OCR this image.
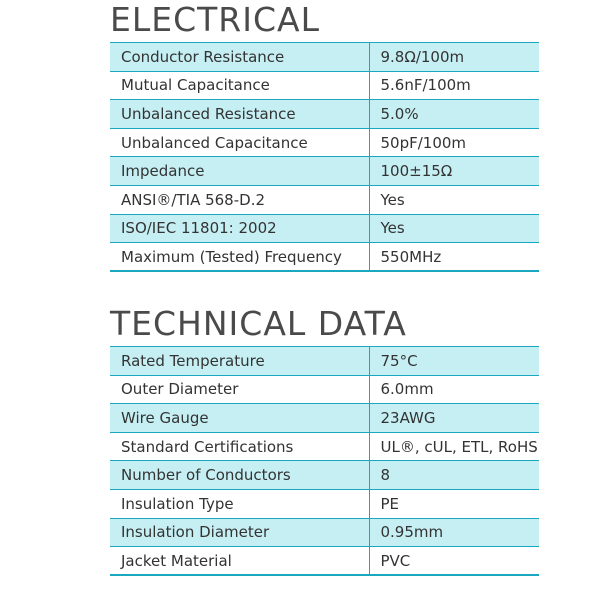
ELECTRICAL
Conductor Resistance	9.8Ω/100m
Mutual Capacitance	5.6nF/100m
Unbalanced Resistance	5.0%
Unbalanced Capacitance	50pF/100m
Impedance	100±15Ω
ANSI®/TIA 568-D.2	Yes
ISO/IEC 11801: 2002	Yes
Maximum (Tested) Frequency	550MHz
TECHNICAL DATA
Rated Temperature	75°C
Outer Diameter	6.0mm
Wire Gauge	23AWG
Standard Certifications	UL®, cUL, ETL, RoHS
Number of Conductors	8
Insulation Type	PE
Insulation Diameter	0.95mm
Jacket Material	PVC
